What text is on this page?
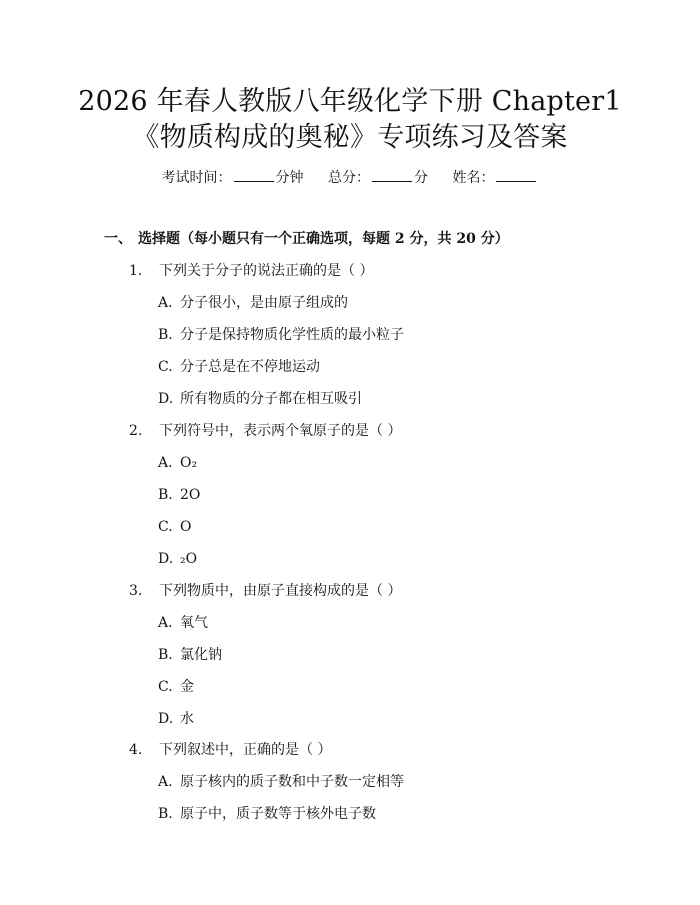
2026 年春人教版八年级化学下册 Chapter1
《物质构成的奥秘》专项练习及答案
考试时间：	分钟 总分：	分 姓名：
一、 选择题（每小题只有一个正确选项，每题 2 分，共 20 分）
1. 下列关于分子的说法正确的是（ ）
A. 分子很小，是由原子组成的
B. 分子是保持物质化学性质的最小粒子
C. 分子总是在不停地运动
D. 所有物质的分子都在相互吸引
2. 下列符号中，表示两个氧原子的是（ ）
A. O₂
B. 2O
C. O
D. ₂O
3. 下列物质中，由原子直接构成的是（ ）
A. 氧气
B. 氯化钠
C. 金
D. 水
4. 下列叙述中，正确的是（ ）
A. 原子核内的质子数和中子数一定相等
B. 原子中，质子数等于核外电子数
